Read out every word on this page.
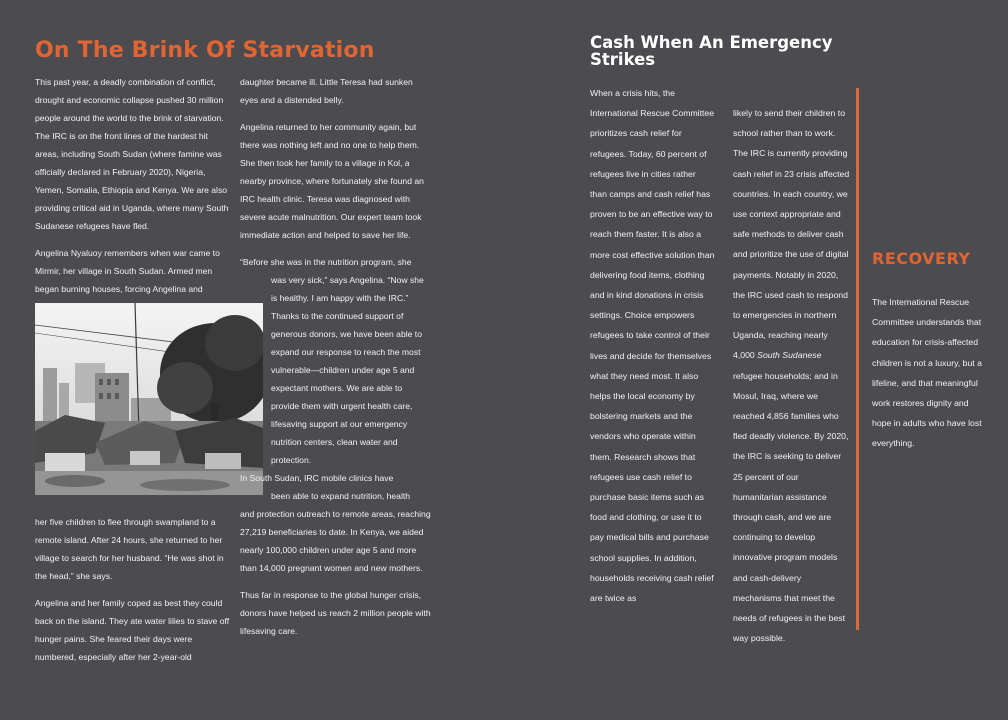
On The Brink Of Starvation

This past year, a deadly combination of conflict, drought and economic collapse pushed 30 million people around the world to the brink of starvation. The IRC is on the front lines of the hardest hit areas, including South Sudan (where famine was officially declared in February 2020), Nigeria, Yemen, Somalia, Ethiopia and Kenya. We are also providing critical aid in Uganda, where many South Sudanese refugees have fled.

Angelina Nyaluoy remembers when war came to Mirmir, her village in South Sudan. Armed men began burning houses, forcing Angelina and

her five children to flee through swampland to a remote island. After 24 hours, she returned to her village to search for her husband. “He was shot in the head,” she says.

Angelina and her family coped as best they could back on the island. They ate water lilies to stave off hunger pains. She feared their days were numbered, especially after her 2-year-old

daughter became ill. Little Teresa had sunken eyes and a distended belly.

Angelina returned to her community again, but there was nothing left and no one to help them. She then took her family to a village in Kol, a nearby province, where fortunately she found an IRC health clinic. Teresa was diagnosed with severe acute malnutrition. Our expert team took immediate action and helped to save her life.

“Before she was in the nutrition program, she

was very sick,” says Angelina. “Now she is healthy. I am happy with the IRC.” Thanks to the continued support of generous donors, we have been able to expand our response to reach the most vulnerable—children under age 5 and expectant mothers. We are able to provide them with urgent health care, lifesaving support at our emergency nutrition centers, clean water and protection.

In South Sudan, IRC mobile clinics have

been able to expand nutrition, health

and protection outreach to remote areas, reaching 27,219 beneficiaries to date. In Kenya, we aided nearly 100,000 children under age 5 and more than 14,000 pregnant women and new mothers.

Thus far in response to the global hunger crisis, donors have helped us reach 2 million people with lifesaving care.

Cash When An Emergency Strikes
When a crisis hits, the International Rescue Committee prioritizes cash relief for refugees. Today, 60 percent of refugees live in cities rather than camps and cash relief has proven to be an effective way to reach them faster. It is also a more cost effective solution than delivering food items, clothing and in kind donations in crisis settings. Choice empowers refugees to take control of their lives and decide for themselves what they need most. It also helps the local economy by bolstering markets and the vendors who operate within them. Research shows that refugees use cash relief to purchase basic items such as food and clothing, or use it to pay medical bills and purchase school supplies. In addition, households receiving cash relief are twice as
likely to send their children to school rather than to work. The IRC is currently providing cash relief in 23 crisis affected countries. In each country, we use context appropriate and safe methods to deliver cash and prioritize the use of digital payments. Notably in 2020, the IRC used cash to respond to emergencies in northern Uganda, reaching nearly 4,000 South Sudanese refugee households; and in Mosul, Iraq, where we reached 4,856 families who fled deadly violence. By 2020, the IRC is seeking to deliver 25 percent of our humanitarian assistance through cash, and we are continuing to develop innovative program models and cash-delivery mechanisms that meet the needs of refugees in the best way possible.
RECOVERY
The International Rescue Committee understands that education for crisis-affected children is not a luxury, but a lifeline, and that meaningful work restores dignity and hope in adults who have lost everything.
